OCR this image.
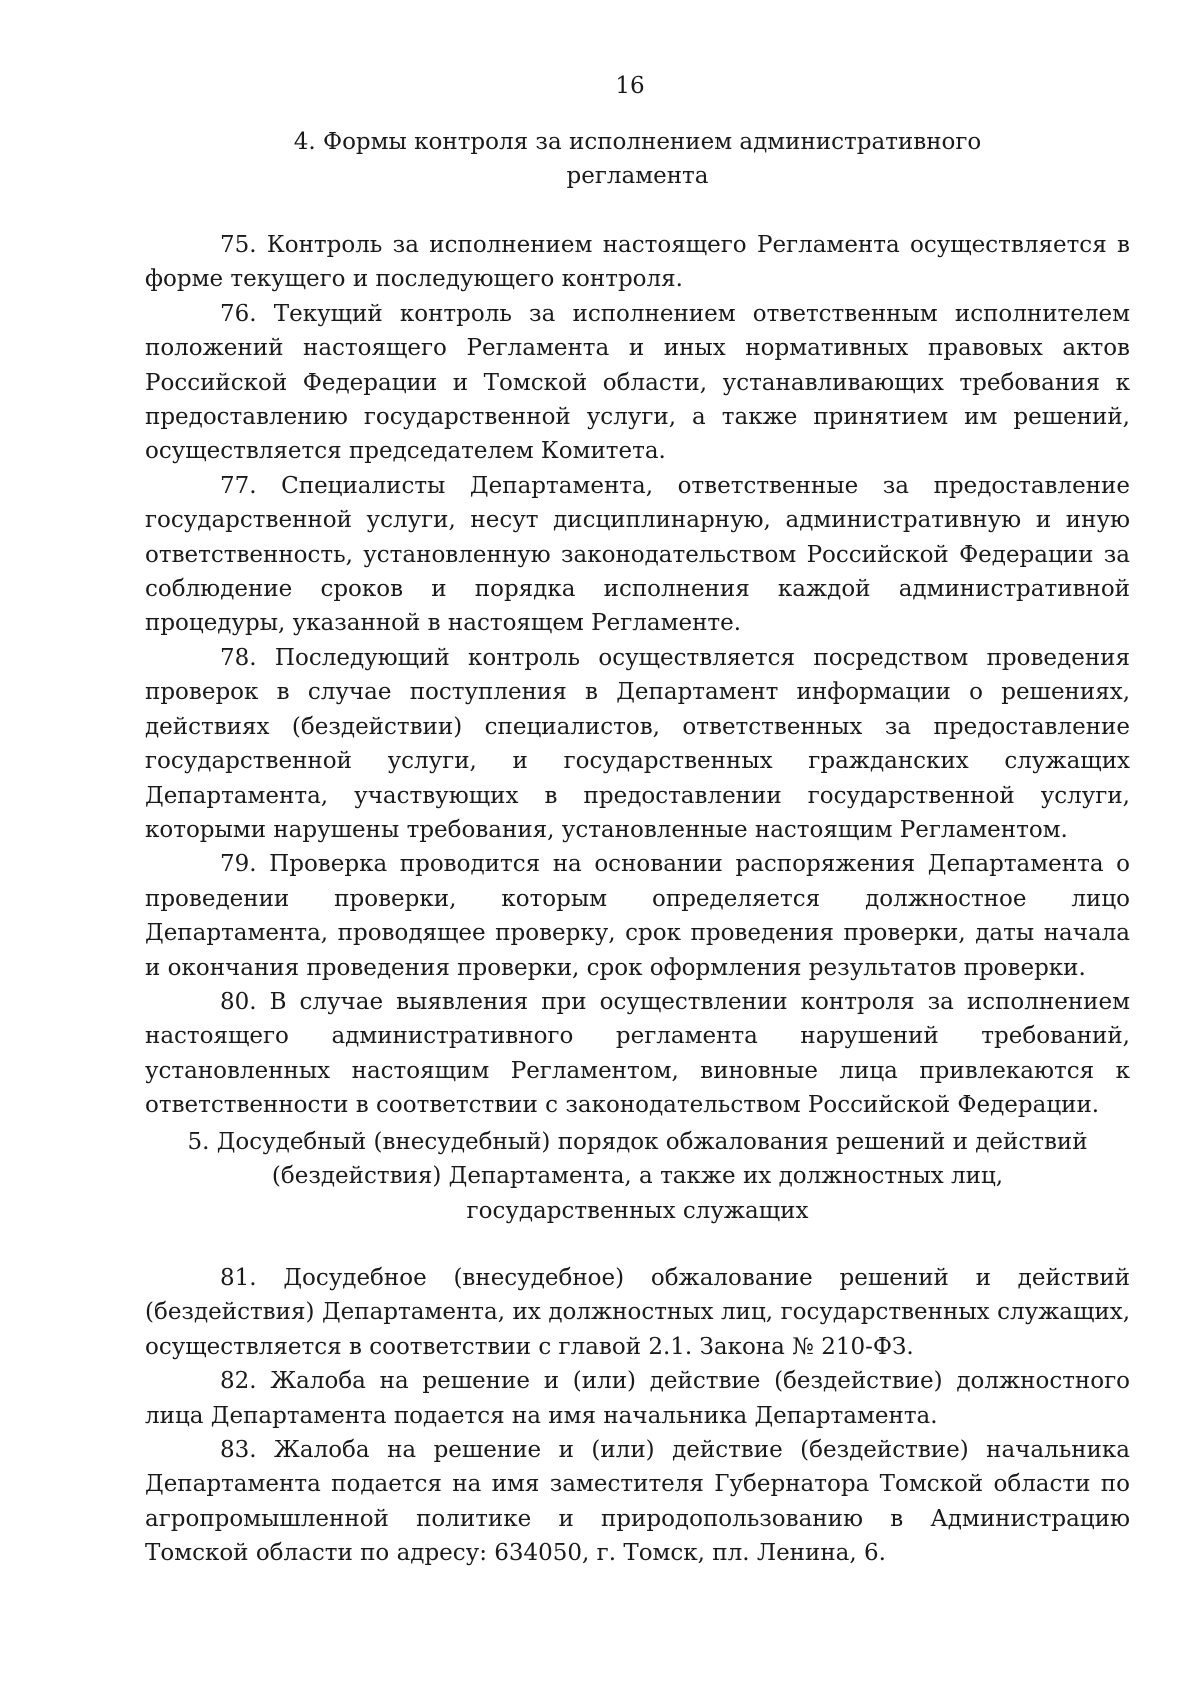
16
4. Формы контроля за исполнением административного
регламента

75. Контроль за исполнением настоящего Регламента осуществляется в форме текущего и последующего контроля.

76. Текущий контроль за исполнением ответственным исполнителем положений настоящего Регламента и иных нормативных правовых актов Российской Федерации и Томской области, устанавливающих требования к предоставлению государственной услуги, а также принятием им решений, осуществляется председателем Комитета.

77. Специалисты Департамента, ответственные за предоставление государственной услуги, несут дисциплинарную, административную и иную ответственность, установленную законодательством Российской Федерации за соблюдение сроков и порядка исполнения каждой административной процедуры, указанной в настоящем Регламенте.

78. Последующий контроль осуществляется посредством проведения проверок в случае поступления в Департамент информации о решениях, действиях (бездействии) специалистов, ответственных за предоставление государственной услуги, и государственных гражданских служащих Департамента, участвующих в предоставлении государственной услуги, которыми нарушены требования, установленные настоящим Регламентом.

79. Проверка проводится на основании распоряжения Департамента о проведении проверки, которым определяется должностное лицо Департамента, проводящее проверку, срок проведения проверки, даты начала и окончания проведения проверки, срок оформления результатов проверки.

80. В случае выявления при осуществлении контроля за исполнением настоящего административного регламента нарушений требований, установленных настоящим Регламентом, виновные лица привлекаются к ответственности в соответствии с законодательством Российской Федерации.

5. Досудебный (внесудебный) порядок обжалования решений и действий
(бездействия) Департамента, а также их должностных лиц,
государственных служащих

81. Досудебное (внесудебное) обжалование решений и действий (бездействия) Департамента, их должностных лиц, государственных служащих, осуществляется в соответствии с главой 2.1. Закона № 210-ФЗ.

82. Жалоба на решение и (или) действие (бездействие) должностного лица Департамента подается на имя начальника Департамента.

83. Жалоба на решение и (или) действие (бездействие) начальника Департамента подается на имя заместителя Губернатора Томской области по агропромышленной политике и природопользованию в Администрацию Томской области по адресу: 634050, г. Томск, пл. Ленина, 6.
